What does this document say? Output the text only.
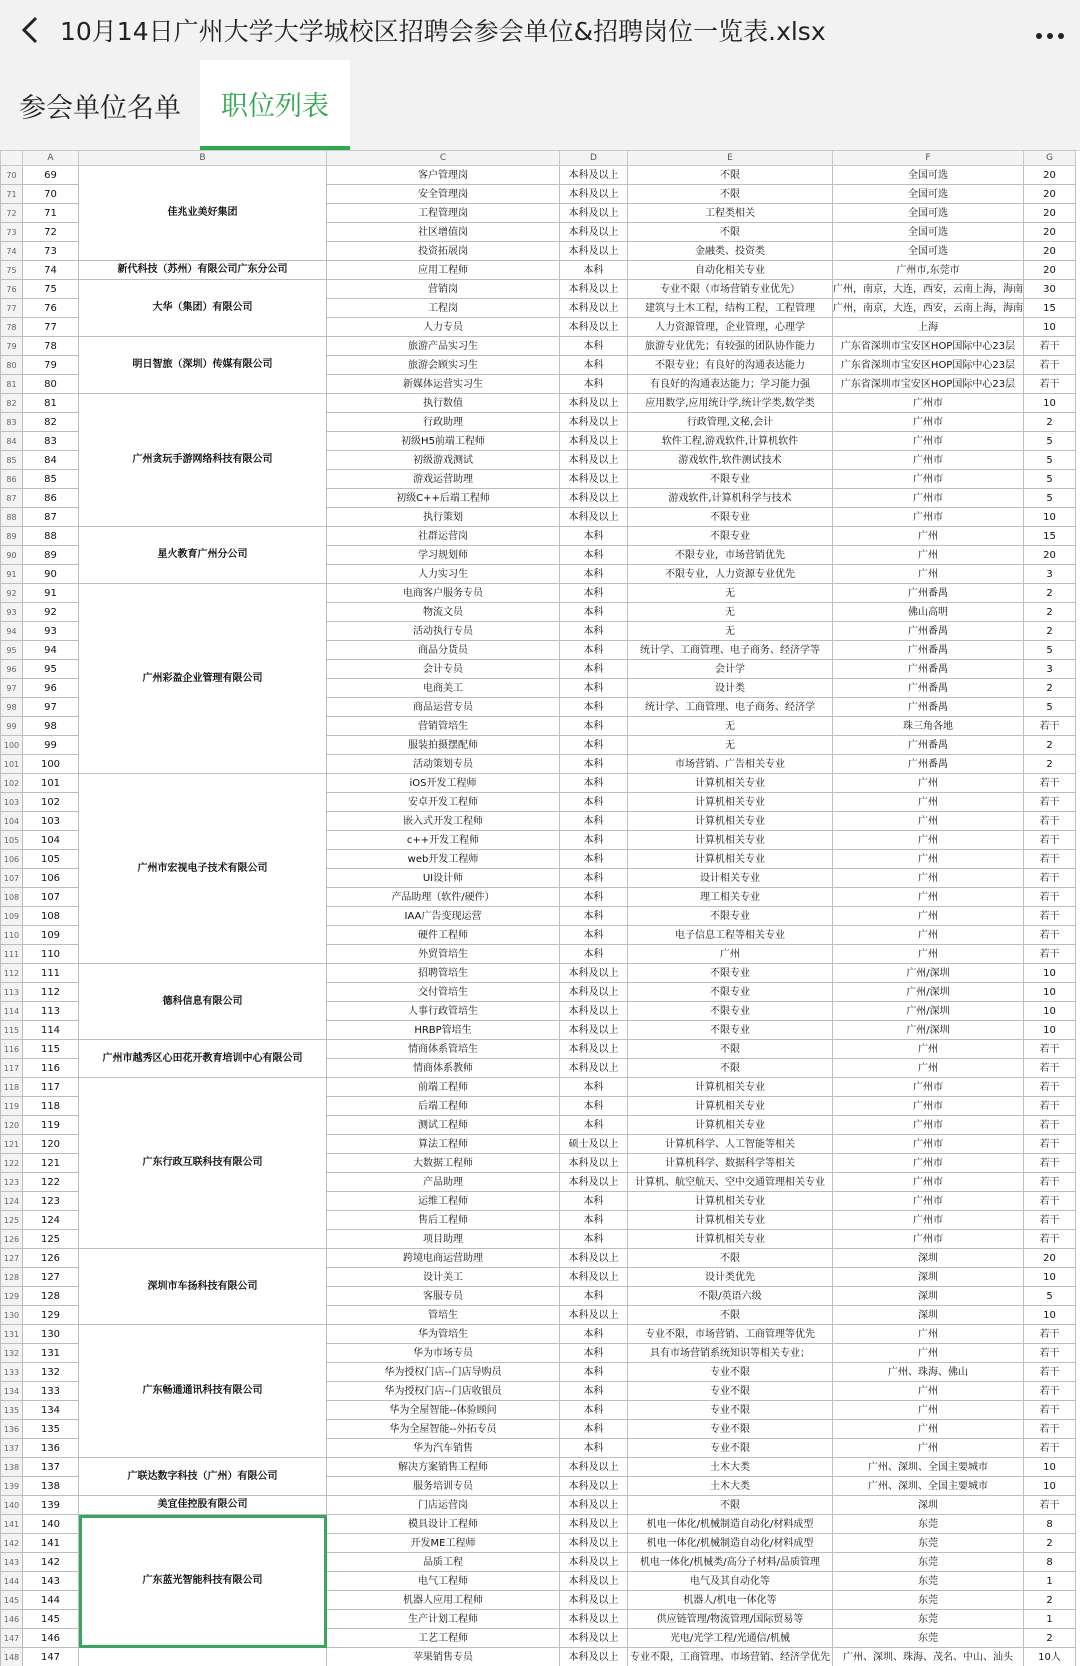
10月14日广州大学大学城校区招聘会参会单位&招聘岗位一览表.xlsx
参会单位名单	职位列表
	A	B	C	D	E	F	G
70	69	佳兆业美好集团	客户管理岗	本科及以上	不限	全国可选	20
71	70		安全管理岗	本科及以上	不限	全国可选	20
72	71		工程管理岗	本科及以上	工程类相关	全国可选	20
73	72		社区增值岗	本科及以上	不限	全国可选	20
74	73		投资拓展岗	本科及以上	金融类、投资类	全国可选	20
75	74	新代科技（苏州）有限公司广东分公司	应用工程师	本科	自动化相关专业	广州市,东莞市	20
76	75	大华（集团）有限公司	营销岗	本科及以上	专业不限（市场营销专业优先）	广州，南京，大连，西安，云南上海，海南	30
77	76		工程岗	本科及以上	建筑与土木工程，结构工程，工程管理	广州，南京，大连，西安，云南上海，海南	15
78	77		人力专员	本科及以上	人力资源管理，企业管理，心理学	上海	10
79	78	明日智旅（深圳）传媒有限公司	旅游产品实习生	本科	旅游专业优先；有较强的团队协作能力	广东省深圳市宝安区HOP国际中心23层	若干
80	79		旅游会顾实习生	本科	不限专业；有良好的沟通表达能力	广东省深圳市宝安区HOP国际中心23层	若干
81	80		新媒体运营实习生	本科	有良好的沟通表达能力；学习能力强	广东省深圳市宝安区HOP国际中心23层	若干
82	81	广州贪玩手游网络科技有限公司	执行数值	本科及以上	应用数学,应用统计学,统计学类,数学类	广州市	10
83	82		行政助理	本科及以上	行政管理,文秘,会计	广州市	2
84	83		初级H5前端工程师	本科及以上	软件工程,游戏软件,计算机软件	广州市	5
85	84		初级游戏测试	本科及以上	游戏软件,软件测试技术	广州市	5
86	85		游戏运营助理	本科及以上	不限专业	广州市	5
87	86		初级C++后端工程师	本科及以上	游戏软件,计算机科学与技术	广州市	5
88	87		执行策划	本科及以上	不限专业	广州市	10
89	88	星火教育广州分公司	社群运营岗	本科	不限专业	广州	15
90	89		学习规划师	本科	不限专业，市场营销优先	广州	20
91	90		人力实习生	本科	不限专业，人力资源专业优先	广州	3
92	91	广州彩盈企业管理有限公司	电商客户服务专员	本科	无	广州番禺	2
93	92		物流文员	本科	无	佛山高明	2
94	93		活动执行专员	本科	无	广州番禺	2
95	94		商品分货员	本科	统计学、工商管理、电子商务、经济学等	广州番禺	5
96	95		会计专员	本科	会计学	广州番禺	3
97	96		电商美工	本科	设计类	广州番禺	2
98	97		商品运营专员	本科	统计学、工商管理、电子商务、经济学	广州番禺	5
99	98		营销管培生	本科	无	珠三角各地	若干
100	99		服装拍摄摆配师	本科	无	广州番禺	2
101	100		活动策划专员	本科	市场营销、广告相关专业	广州番禺	2
102	101	广州市宏视电子技术有限公司	iOS开发工程师	本科	计算机相关专业	广州	若干
103	102		安卓开发工程师	本科	计算机相关专业	广州	若干
104	103		嵌入式开发工程师	本科	计算机相关专业	广州	若干
105	104		c++开发工程师	本科	计算机相关专业	广州	若干
106	105		web开发工程师	本科	计算机相关专业	广州	若干
107	106		UI设计师	本科	设计相关专业	广州	若干
108	107		产品助理（软件/硬件）	本科	理工相关专业	广州	若干
109	108		IAA广告变现运营	本科	不限专业	广州	若干
110	109		硬件工程师	本科	电子信息工程等相关专业	广州	若干
111	110		外贸管培生	本科	广州	广州	若干
112	111	德科信息有限公司	招聘管培生	本科及以上	不限专业	广州/深圳	10
113	112		交付管培生	本科及以上	不限专业	广州/深圳	10
114	113		人事行政管培生	本科及以上	不限专业	广州/深圳	10
115	114		HRBP管培生	本科及以上	不限专业	广州/深圳	10
116	115	广州市越秀区心田花开教育培训中心有限公司	情商体系管培生	本科及以上	不限	广州	若干
117	116		情商体系教师	本科及以上	不限	广州	若干
118	117	广东行政互联科技有限公司	前端工程师	本科	计算机相关专业	广州市	若干
119	118		后端工程师	本科	计算机相关专业	广州市	若干
120	119		测试工程师	本科	计算机相关专业	广州市	若干
121	120		算法工程师	硕士及以上	计算机科学、人工智能等相关	广州市	若干
122	121		大数据工程师	本科及以上	计算机科学、数据科学等相关	广州市	若干
123	122		产品助理	本科及以上	计算机、航空航天、空中交通管理相关专业	广州市	若干
124	123		运维工程师	本科	计算机相关专业	广州市	若干
125	124		售后工程师	本科	计算机相关专业	广州市	若干
126	125		项目助理	本科	计算机相关专业	广州市	若干
127	126	深圳市车扬科技有限公司	跨境电商运营助理	本科及以上	不限	深圳	20
128	127		设计美工	本科及以上	设计类优先	深圳	10
129	128		客服专员	本科	不限/英语六级	深圳	5
130	129		管培生	本科及以上	不限	深圳	10
131	130	广东畅通通讯科技有限公司	华为管培生	本科	专业不限，市场营销、工商管理等优先	广州	若干
132	131		华为市场专员	本科	具有市场营销系统知识等相关专业；	广州	若干
133	132		华为授权门店--门店导购员	本科	专业不限	广州、珠海、佛山	若干
134	133		华为授权门店--门店收银员	本科	专业不限	广州	若干
135	134		华为全屋智能--体验顾问	本科	专业不限	广州	若干
136	135		华为全屋智能--外拓专员	本科	专业不限	广州	若干
137	136		华为汽车销售	本科	专业不限	广州	若干
138	137	广联达数字科技（广州）有限公司	解决方案销售工程师	本科及以上	土木大类	广州、深圳、全国主要城市	10
139	138		服务培训专员	本科及以上	土木大类	广州、深圳、全国主要城市	10
140	139	美宜佳控股有限公司	门店运营岗	本科及以上	不限	深圳	若干
141	140	广东蓝光智能科技有限公司	模具设计工程师	本科及以上	机电一体化/机械制造自动化/材料成型	东莞	8
142	141		开发ME工程师	本科及以上	机电一体化/机械制造自动化/材料成型	东莞	2
143	142		品质工程	本科及以上	机电一体化/机械类/高分子材料/品质管理	东莞	8
144	143		电气工程师	本科及以上	电气及其自动化等	东莞	1
145	144		机器人应用工程师	本科及以上	机器人/机电一体化等	东莞	2
146	145		生产计划工程师	本科及以上	供应链管理/物流管理/国际贸易等	东莞	1
147	146		工艺工程师	本科及以上	光电/光学工程/光通信/机械	东莞	2
148	147		苹果销售专员	本科及以上	专业不限，工商管理、市场营销、经济学优先	广州、深圳、珠海、茂名、中山、汕头	10人
